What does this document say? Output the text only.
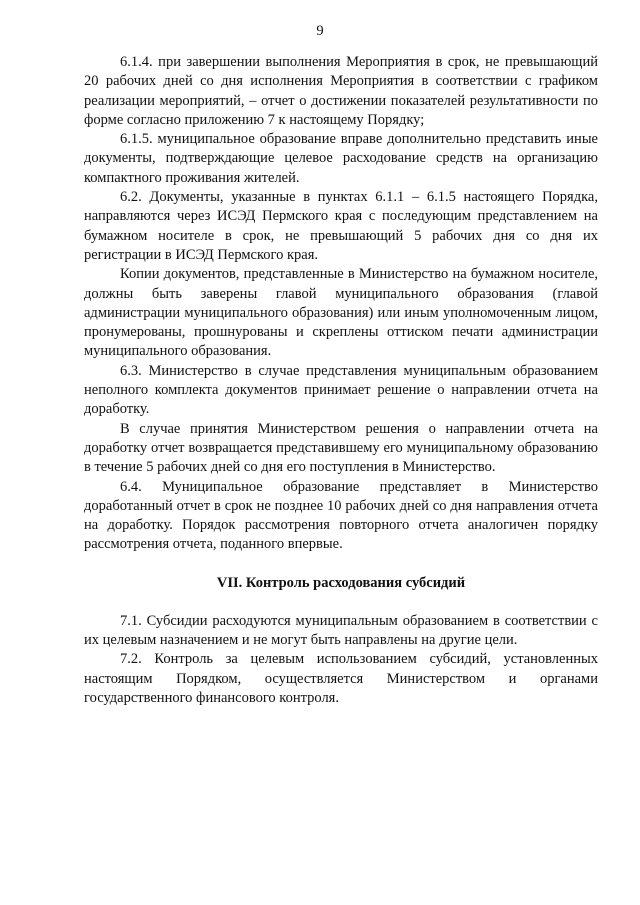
9

6.1.4. при завершении выполнения Мероприятия в срок, не превышающий 20 рабочих дней со дня исполнения Мероприятия в соответствии с графиком реализации мероприятий, – отчет о достижении показателей результативности по форме согласно приложению 7 к настоящему Порядку;

6.1.5. муниципальное образование вправе дополнительно представить иные документы, подтверждающие целевое расходование средств на организацию компактного проживания жителей.

6.2. Документы, указанные в пунктах 6.1.1 – 6.1.5 настоящего Порядка, направляются через ИСЭД Пермского края с последующим представлением на бумажном носителе в срок, не превышающий 5 рабочих дня со дня их регистрации в ИСЭД Пермского края.

Копии документов, представленные в Министерство на бумажном носителе, должны быть заверены главой муниципального образования (главой администрации муниципального образования) или иным уполномоченным лицом, пронумерованы, прошнурованы и скреплены оттиском печати администрации муниципального образования.

6.3. Министерство в случае представления муниципальным образованием неполного комплекта документов принимает решение о направлении отчета на доработку.

В случае принятия Министерством решения о направлении отчета на доработку отчет возвращается представившему его муниципальному образованию в течение 5 рабочих дней со дня его поступления в Министерство.

6.4. Муниципальное образование представляет в Министерство доработанный отчет в срок не позднее 10 рабочих дней со дня направления отчета на доработку. Порядок рассмотрения повторного отчета аналогичен порядку рассмотрения отчета, поданного впервые.

VII. Контроль расходования субсидий

7.1. Субсидии расходуются муниципальным образованием в соответствии с их целевым назначением и не могут быть направлены на другие цели.

7.2. Контроль за целевым использованием субсидий, установленных настоящим Порядком, осуществляется Министерством и органами государственного финансового контроля.
